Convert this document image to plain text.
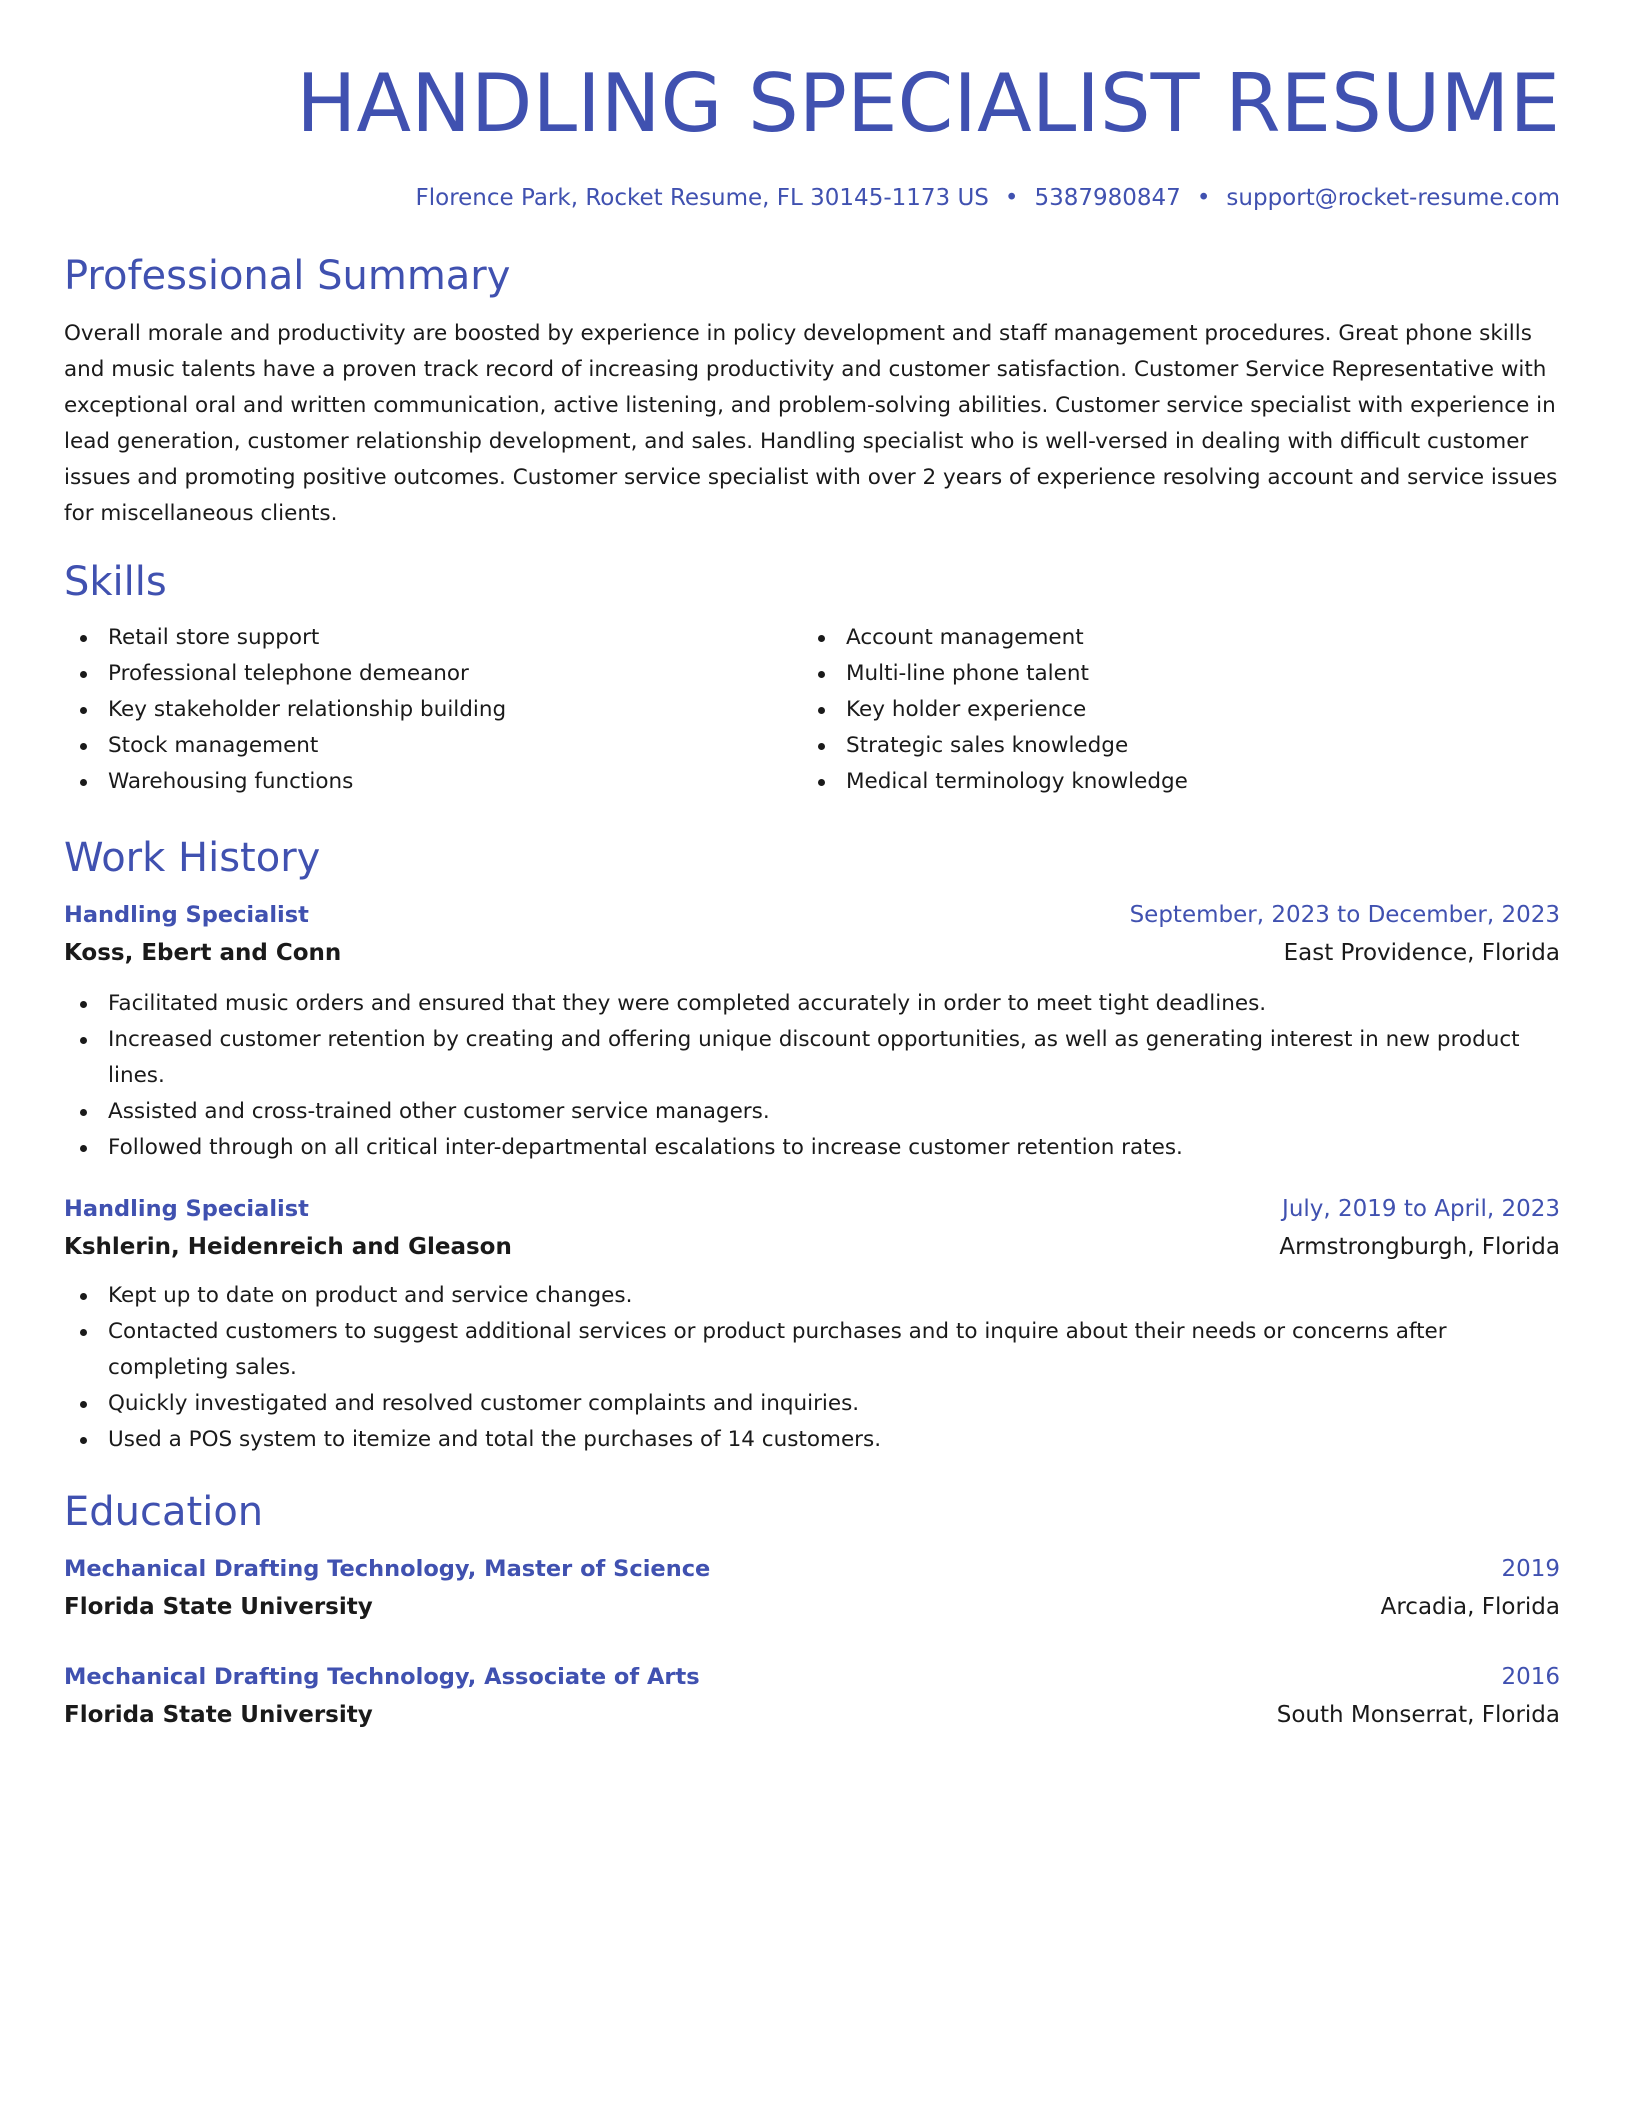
HANDLING SPECIALIST RESUME
Florence Park, Rocket Resume, FL 30145-1173 US • 5387980847 • support@rocket-resume.com
Professional Summary
Overall morale and productivity are boosted by experience in policy development and staff management procedures. Great phone skills and music talents have a proven track record of increasing productivity and customer satisfaction. Customer Service Representative with exceptional oral and written communication, active listening, and problem-solving abilities. Customer service specialist with experience in lead generation, customer relationship development, and sales. Handling specialist who is well-versed in dealing with difficult customer issues and promoting positive outcomes. Customer service specialist with over 2 years of experience resolving account and service issues for miscellaneous clients.
Skills
Retail store support
Professional telephone demeanor
Key stakeholder relationship building
Stock management
Warehousing functions
Account management
Multi-line phone talent
Key holder experience
Strategic sales knowledge
Medical terminology knowledge
Work History
Handling Specialist	September, 2023 to December, 2023
Koss, Ebert and Conn	East Providence, Florida
Facilitated music orders and ensured that they were completed accurately in order to meet tight deadlines.
Increased customer retention by creating and offering unique discount opportunities, as well as generating interest in new product lines.
Assisted and cross-trained other customer service managers.
Followed through on all critical inter-departmental escalations to increase customer retention rates.
Handling Specialist	July, 2019 to April, 2023
Kshlerin, Heidenreich and Gleason	Armstrongburgh, Florida
Kept up to date on product and service changes.
Contacted customers to suggest additional services or product purchases and to inquire about their needs or concerns after completing sales.
Quickly investigated and resolved customer complaints and inquiries.
Used a POS system to itemize and total the purchases of 14 customers.
Education
Mechanical Drafting Technology, Master of Science	2019
Florida State University	Arcadia, Florida
Mechanical Drafting Technology, Associate of Arts	2016
Florida State University	South Monserrat, Florida
